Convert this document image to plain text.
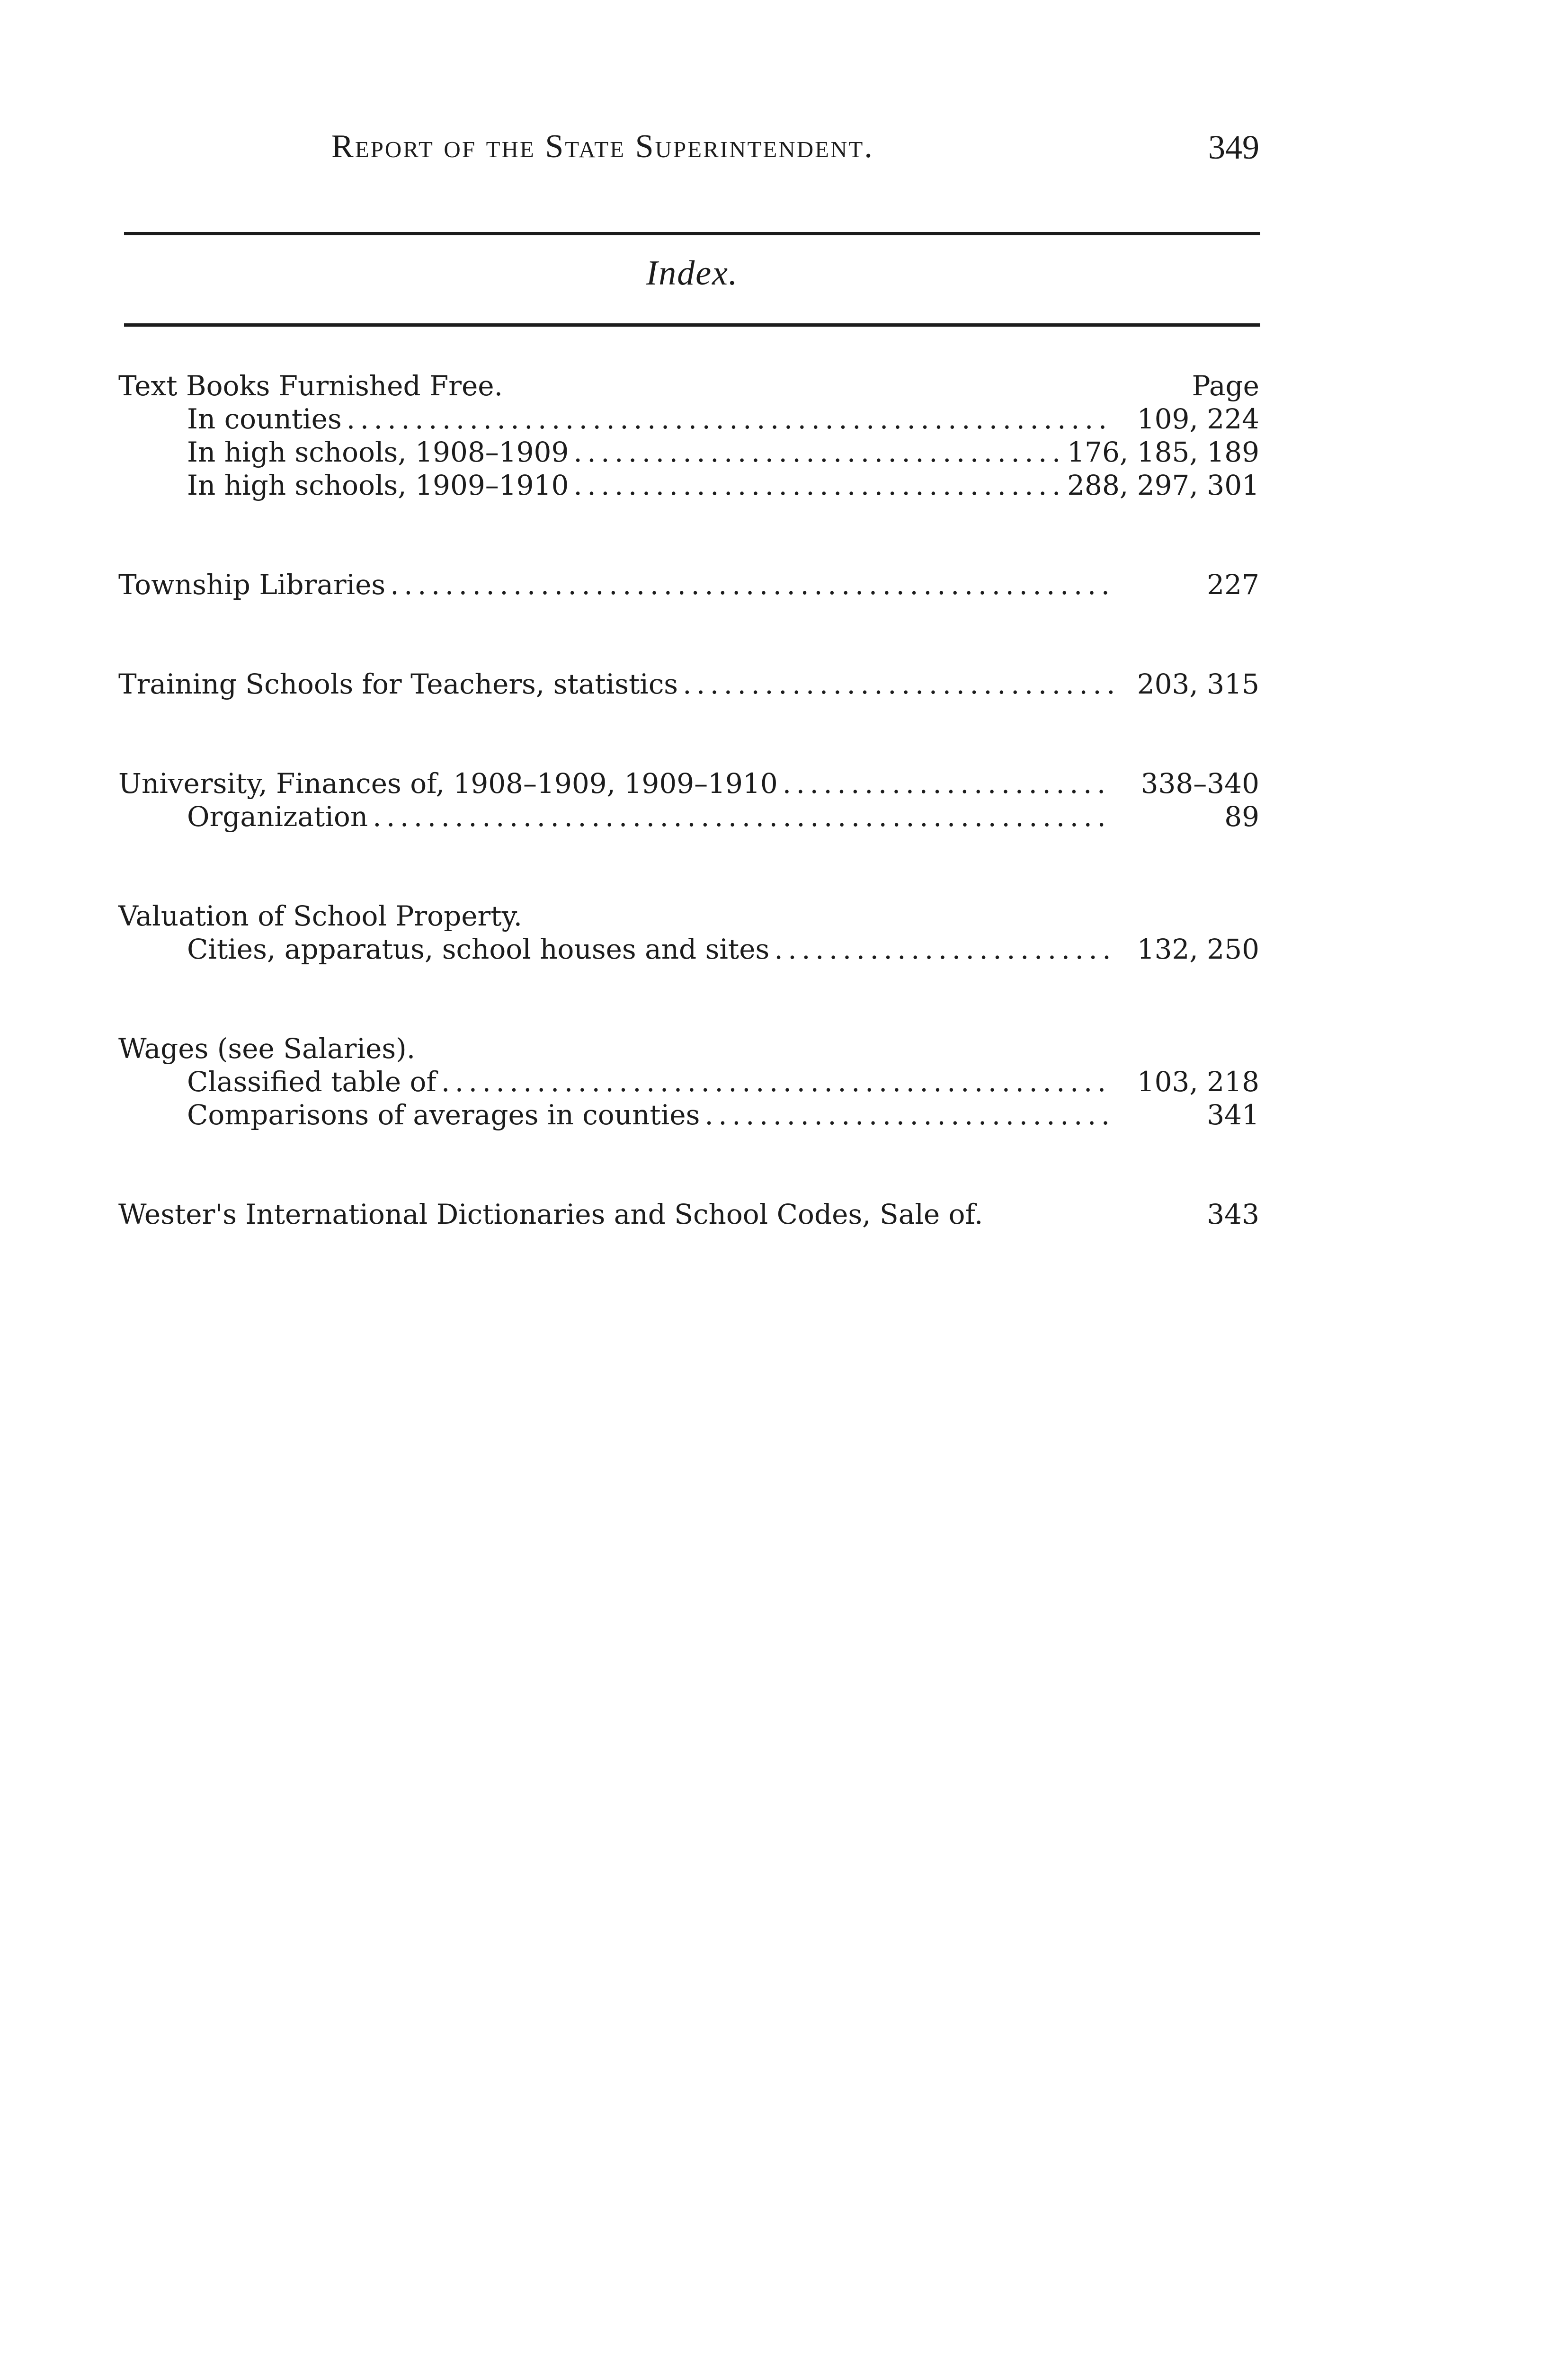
Report of the State Superintendent.	349
Index.
Text Books Furnished Free.	Page
In counties . . .	109, 224
In high schools, 1908–1909 . . .	176, 185, 189
In high schools, 1909–1910 . . .	288, 297, 301
Township Libraries . . .	227
Training Schools for Teachers, statistics . . .	203, 315
University, Finances of, 1908–1909, 1909–1910 . . .	338–340
Organization . . .	89
Valuation of School Property.
Cities, apparatus, school houses and sites . . .	132, 250
Wages (see Salaries).
Classified table of . . .	103, 218
Comparisons of averages in counties . . .	341
Wester's International Dictionaries and School Codes, Sale of.	343
